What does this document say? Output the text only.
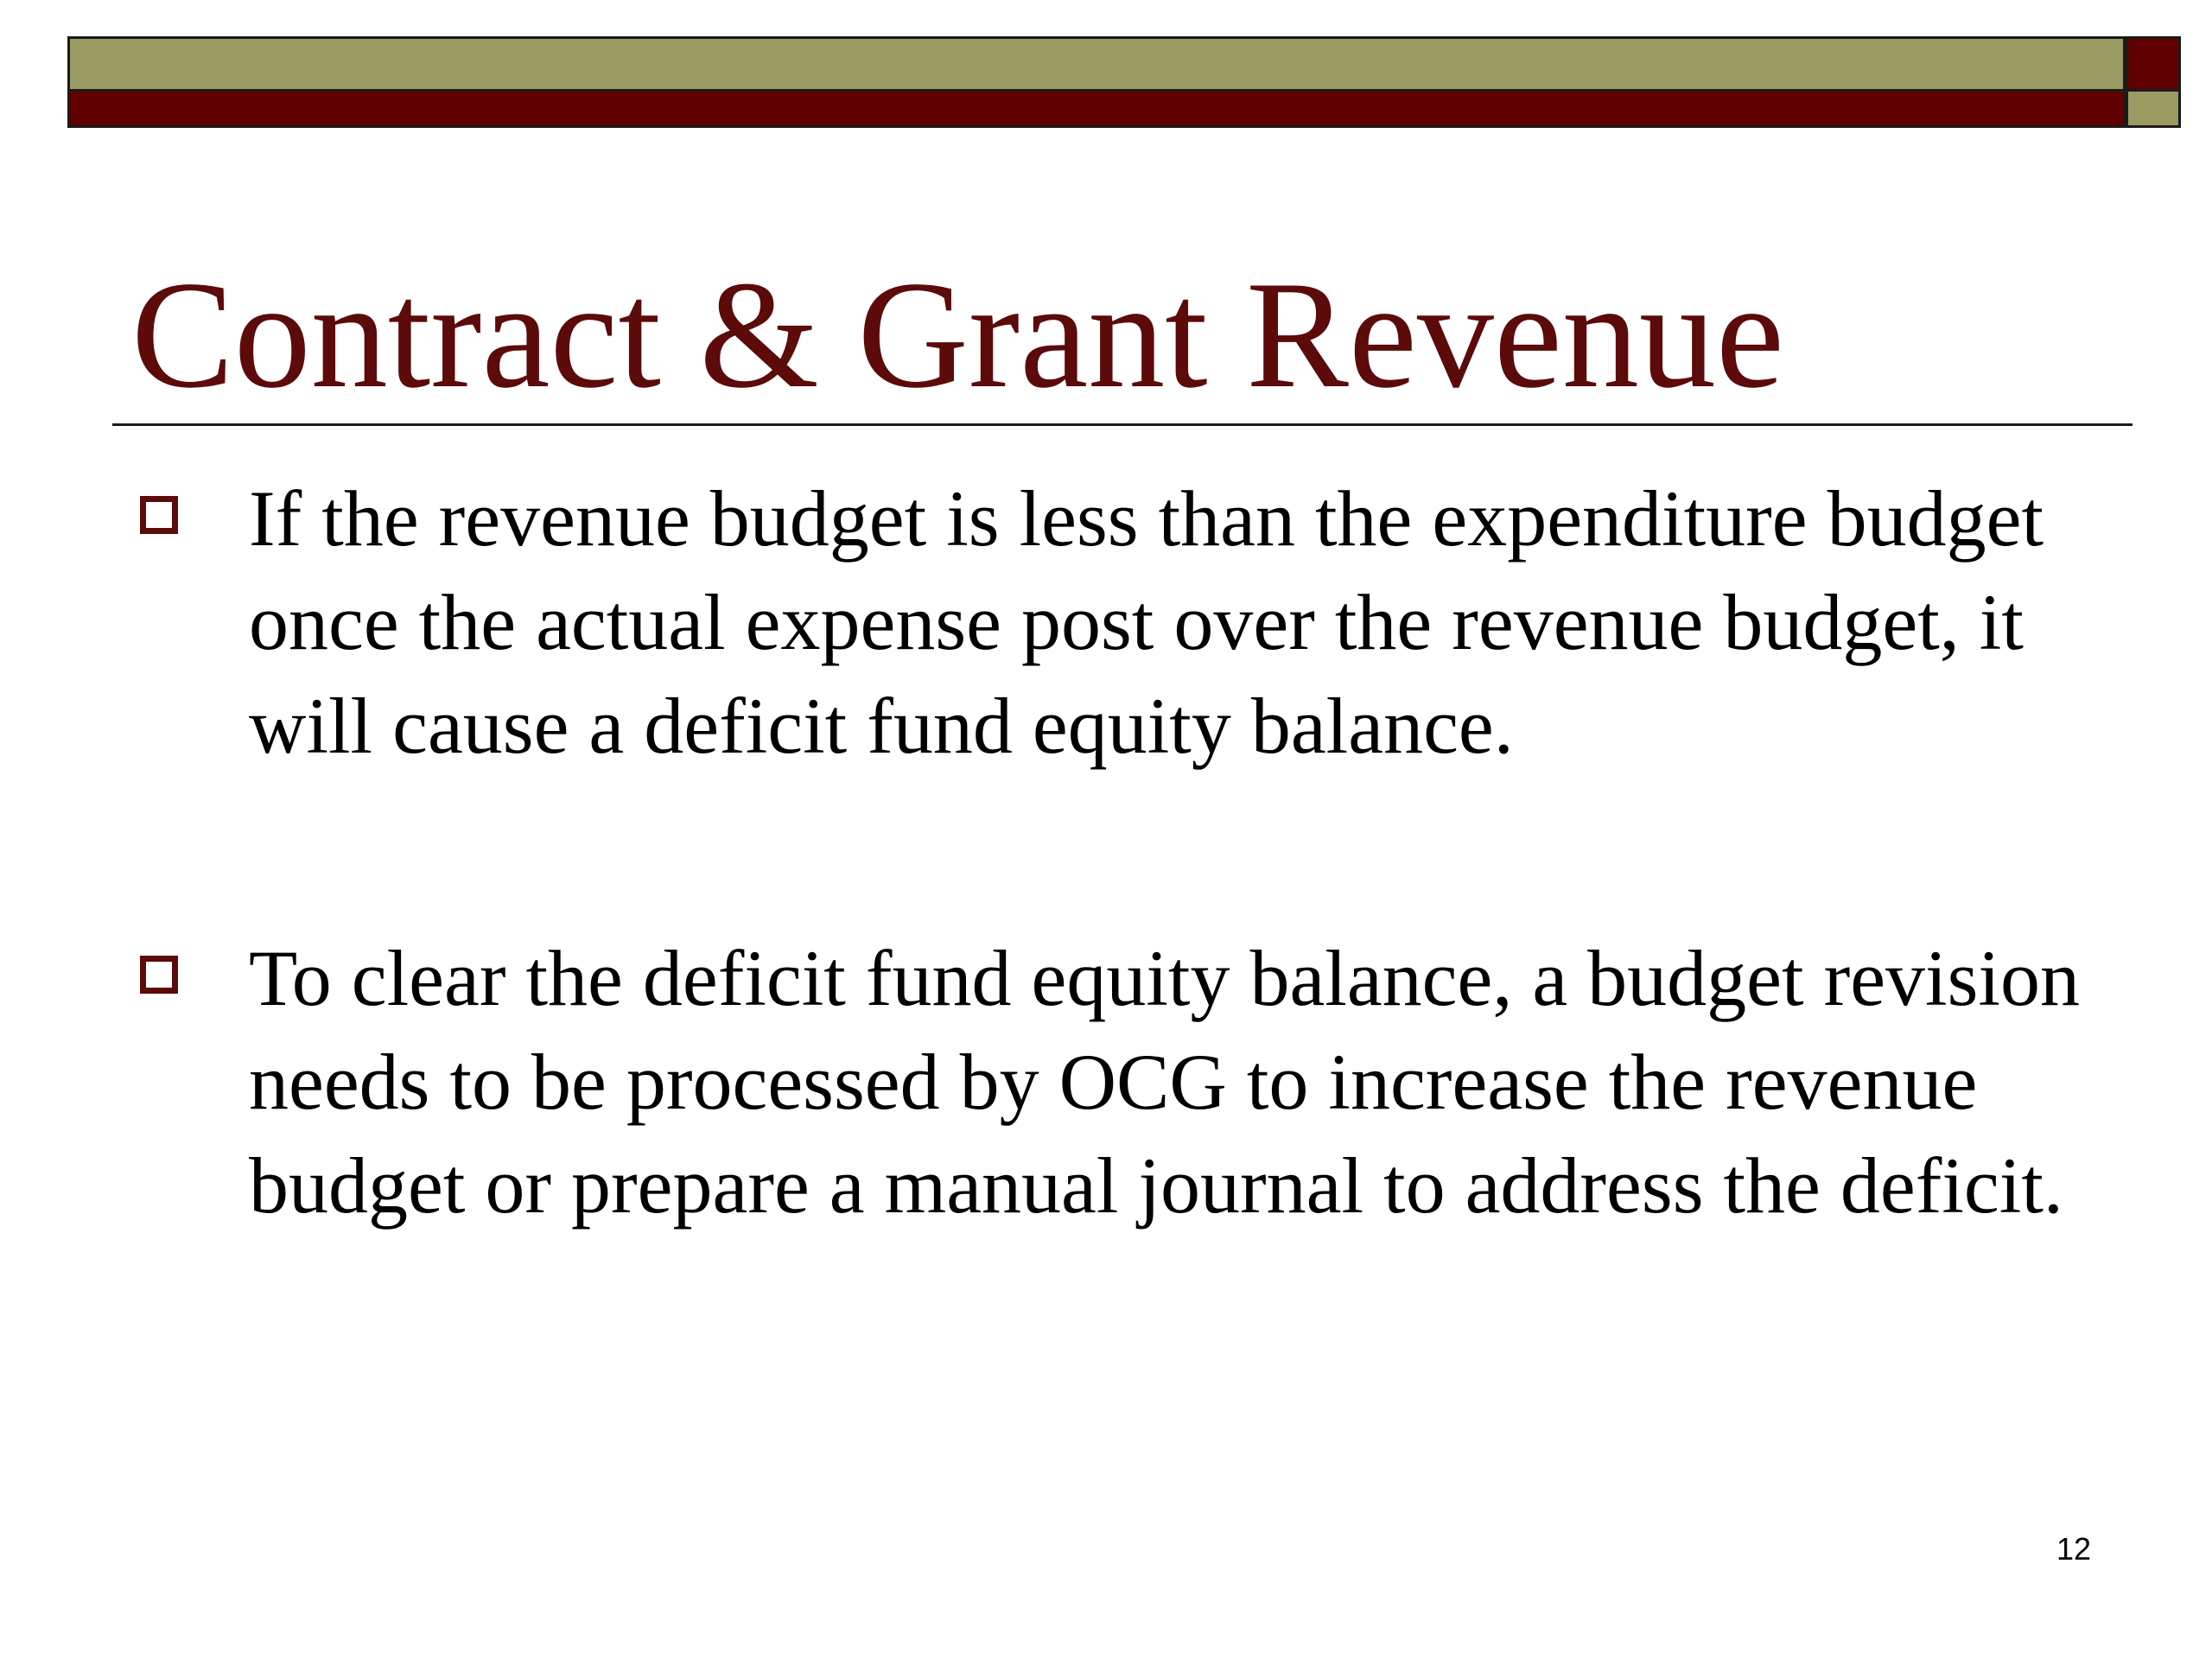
Contract & Grant Revenue
If the revenue budget is less than the expenditure budget once the actual expense post over the revenue budget, it will cause a deficit fund equity balance.
To clear the deficit fund equity balance, a budget revision needs to be processed by OCG to increase the revenue budget or prepare a manual journal to address the deficit.
12
